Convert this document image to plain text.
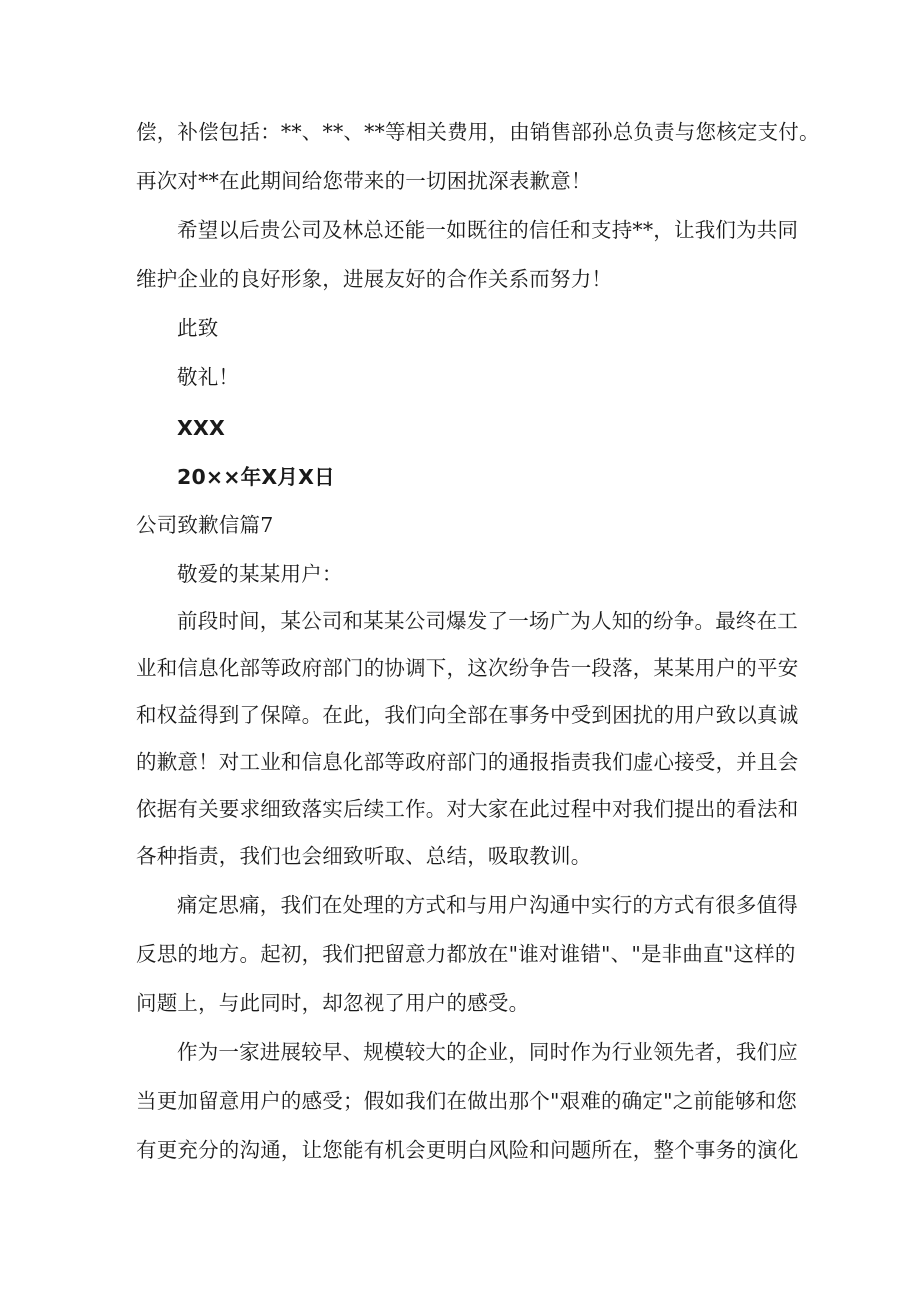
偿，补偿包括：**、**、**等相关费用，由销售部孙总负责与您核定支付。
再次对**在此期间给您带来的一切困扰深表歉意！
希望以后贵公司及林总还能一如既往的信任和支持**，让我们为共同
维护企业的良好形象，进展友好的合作关系而努力！
此致
敬礼！
XXX
20××年X月X日
公司致歉信篇7
敬爱的某某用户：
前段时间，某公司和某某公司爆发了一场广为人知的纷争。最终在工
业和信息化部等政府部门的协调下，这次纷争告一段落，某某用户的平安
和权益得到了保障。在此，我们向全部在事务中受到困扰的用户致以真诚
的歉意！对工业和信息化部等政府部门的通报指责我们虚心接受，并且会
依据有关要求细致落实后续工作。对大家在此过程中对我们提出的看法和
各种指责，我们也会细致听取、总结，吸取教训。
痛定思痛，我们在处理的方式和与用户沟通中实行的方式有很多值得
反思的地方。起初，我们把留意力都放在"谁对谁错"、"是非曲直"这样的
问题上，与此同时，却忽视了用户的感受。
作为一家进展较早、规模较大的企业，同时作为行业领先者，我们应
当更加留意用户的感受；假如我们在做出那个"艰难的确定"之前能够和您
有更充分的沟通，让您能有机会更明白风险和问题所在，整个事务的演化
